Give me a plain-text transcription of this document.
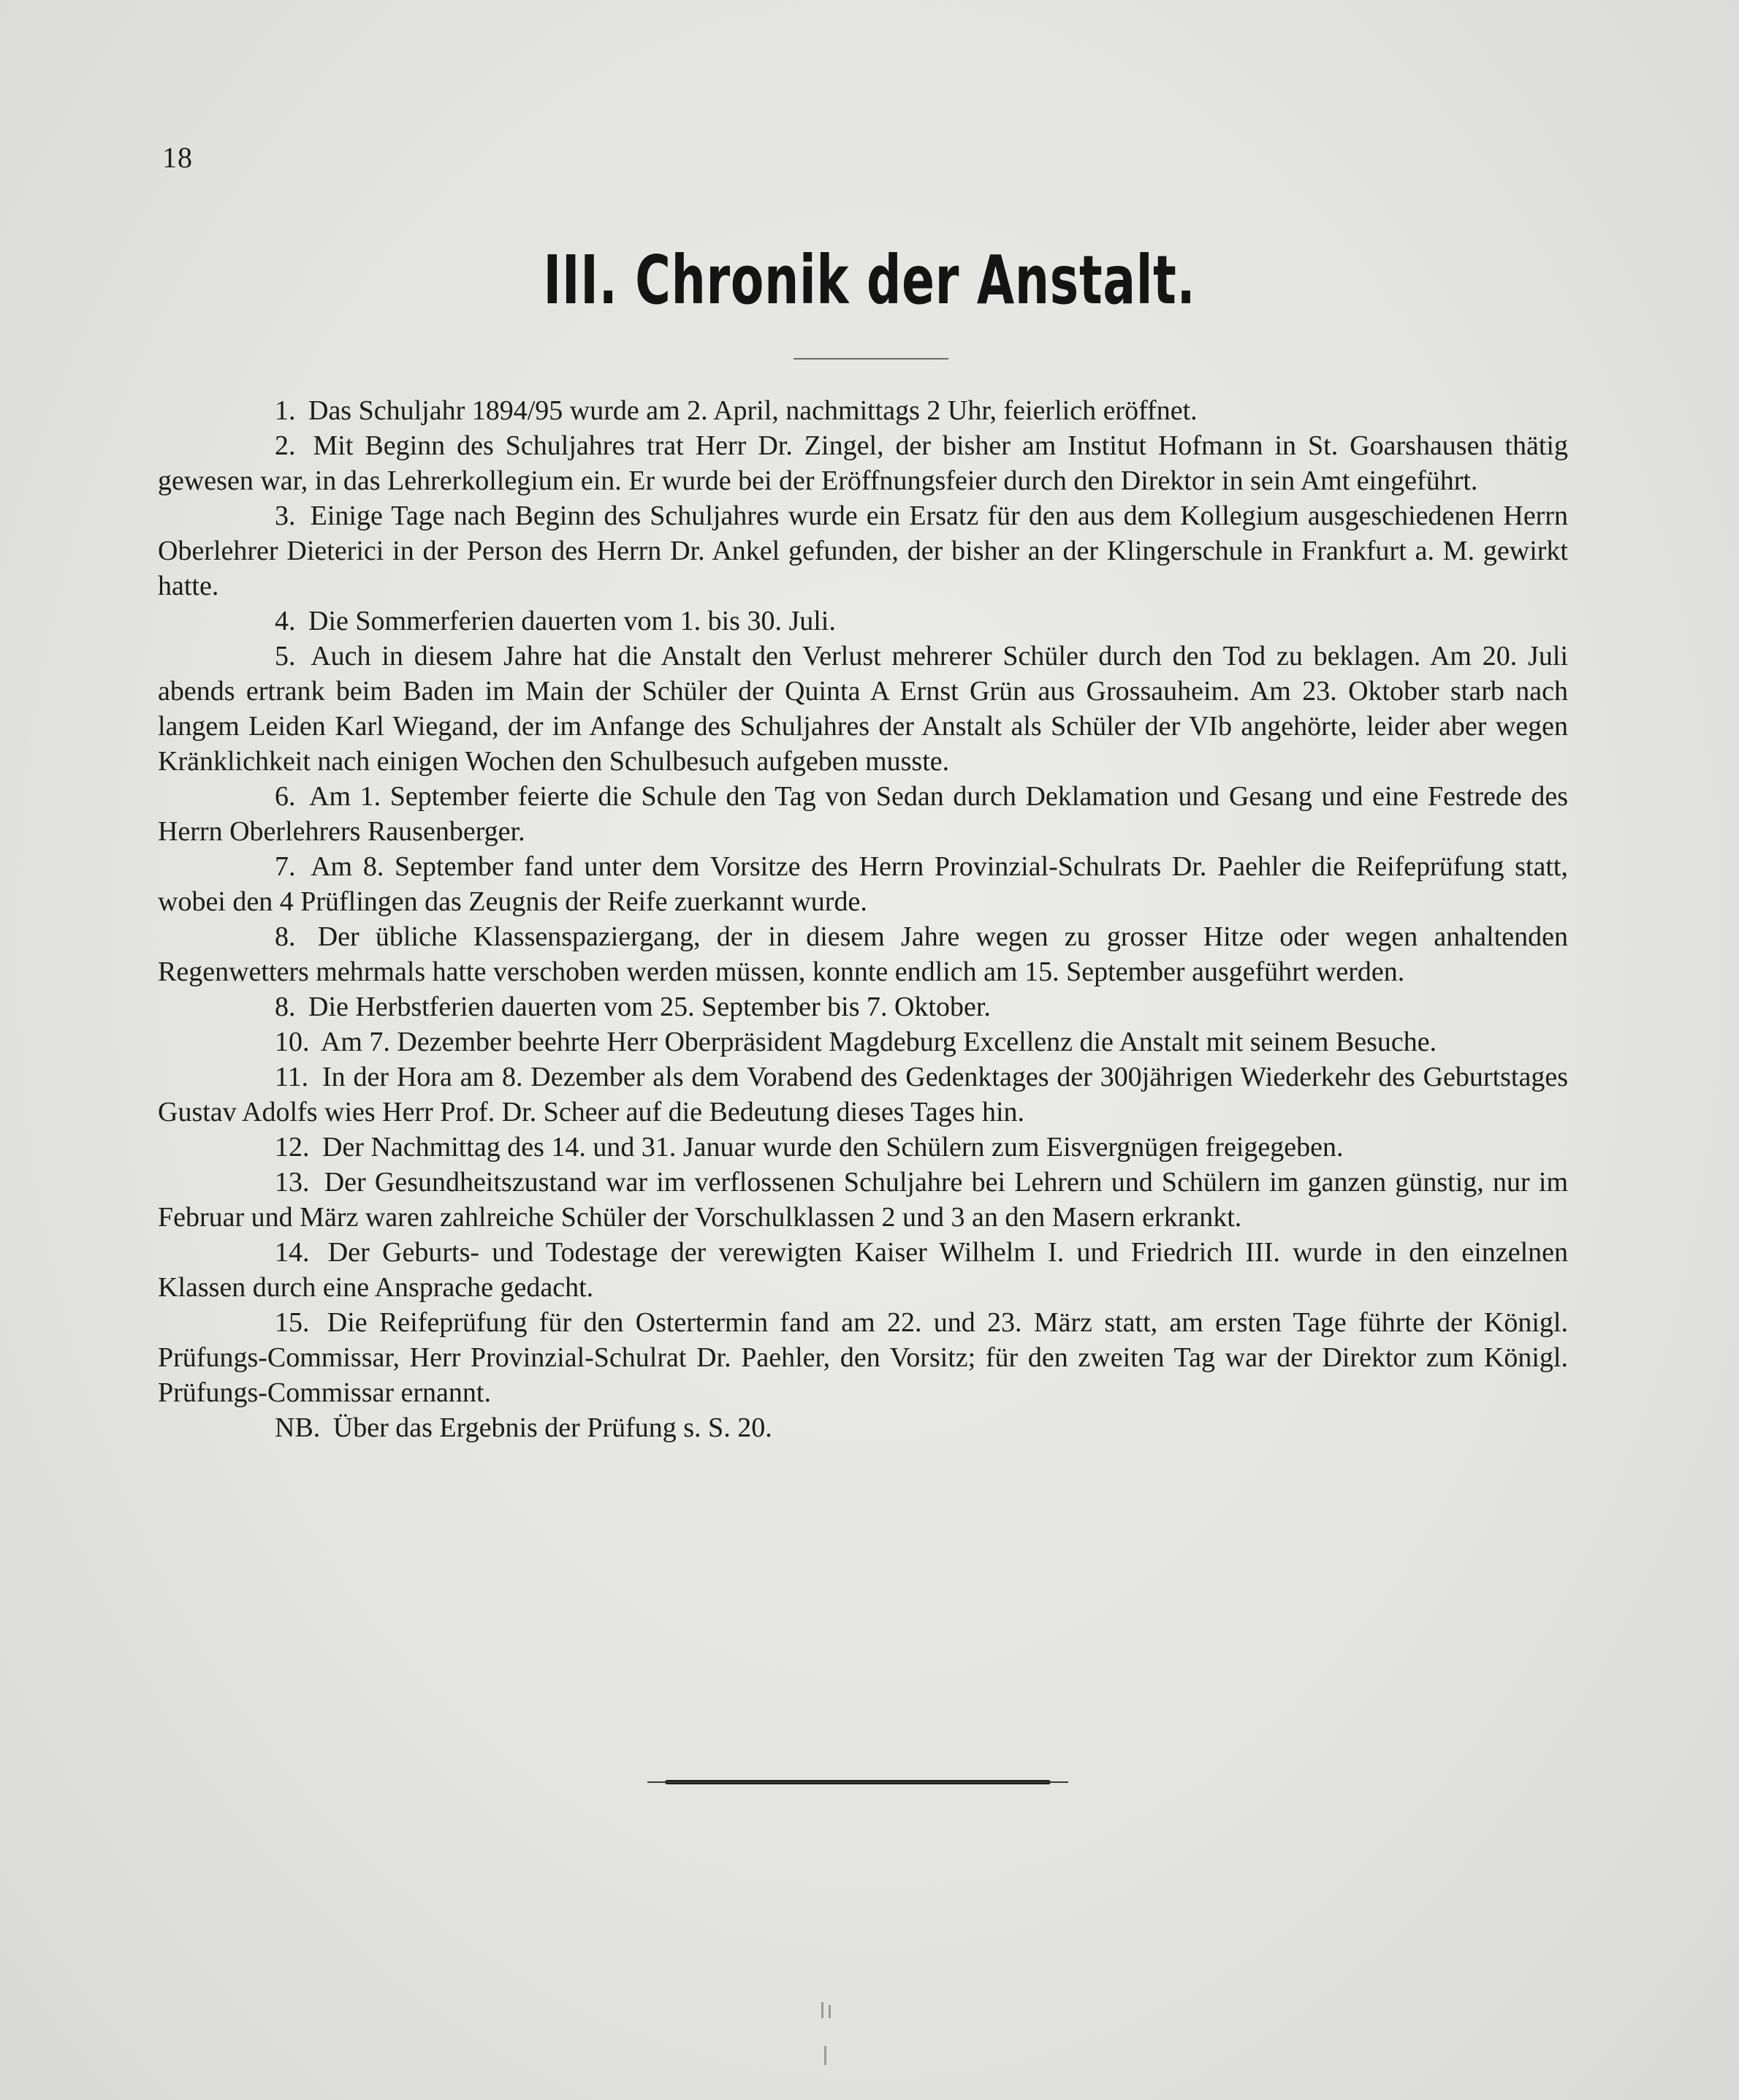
18
III. Chronik der Anstalt.

1. Das Schuljahr 1894/95 wurde am 2. April, nachmittags 2 Uhr, feierlich eröffnet.

2. Mit Beginn des Schuljahres trat Herr Dr. Zingel, der bisher am Institut Hofmann in St. Goarshausen thätig gewesen war, in das Lehrerkollegium ein. Er wurde bei der Eröffnungsfeier durch den Direktor in sein Amt eingeführt.

3. Einige Tage nach Beginn des Schuljahres wurde ein Ersatz für den aus dem Kollegium ausgeschiedenen Herrn Oberlehrer Dieterici in der Person des Herrn Dr. Ankel gefunden, der bisher an der Klingerschule in Frankfurt a. M. gewirkt hatte.

4. Die Sommerferien dauerten vom 1. bis 30. Juli.

5. Auch in diesem Jahre hat die Anstalt den Verlust mehrerer Schüler durch den Tod zu beklagen. Am 20. Juli abends ertrank beim Baden im Main der Schüler der Quinta A Ernst Grün aus Grossauheim. Am 23. Oktober starb nach langem Leiden Karl Wiegand, der im Anfange des Schuljahres der Anstalt als Schüler der VIb angehörte, leider aber wegen Kränklichkeit nach einigen Wochen den Schulbesuch aufgeben musste.

6. Am 1. September feierte die Schule den Tag von Sedan durch Deklamation und Gesang und eine Festrede des Herrn Oberlehrers Rausenberger.

7. Am 8. September fand unter dem Vorsitze des Herrn Provinzial-Schulrats Dr. Paehler die Reifeprüfung statt, wobei den 4 Prüflingen das Zeugnis der Reife zuerkannt wurde.

8. Der übliche Klassenspaziergang, der in diesem Jahre wegen zu grosser Hitze oder wegen anhaltenden Regenwetters mehrmals hatte verschoben werden müssen, konnte endlich am 15. September ausgeführt werden.

8. Die Herbstferien dauerten vom 25. September bis 7. Oktober.

10. Am 7. Dezember beehrte Herr Oberpräsident Magdeburg Excellenz die Anstalt mit seinem Besuche.

11. In der Hora am 8. Dezember als dem Vorabend des Gedenktages der 300jährigen Wiederkehr des Geburtstages Gustav Adolfs wies Herr Prof. Dr. Scheer auf die Bedeutung dieses Tages hin.

12. Der Nachmittag des 14. und 31. Januar wurde den Schülern zum Eisvergnügen freigegeben.

13. Der Gesundheitszustand war im verflossenen Schuljahre bei Lehrern und Schülern im ganzen günstig, nur im Februar und März waren zahlreiche Schüler der Vorschulklassen 2 und 3 an den Masern erkrankt.

14. Der Geburts- und Todestage der verewigten Kaiser Wilhelm I. und Friedrich III. wurde in den einzelnen Klassen durch eine Ansprache gedacht.

15. Die Reifeprüfung für den Ostertermin fand am 22. und 23. März statt, am ersten Tage führte der Königl. Prüfungs-Commissar, Herr Provinzial-Schulrat Dr. Paehler, den Vorsitz; für den zweiten Tag war der Direktor zum Königl. Prüfungs-Commissar ernannt.

NB. Über das Ergebnis der Prüfung s. S. 20.
